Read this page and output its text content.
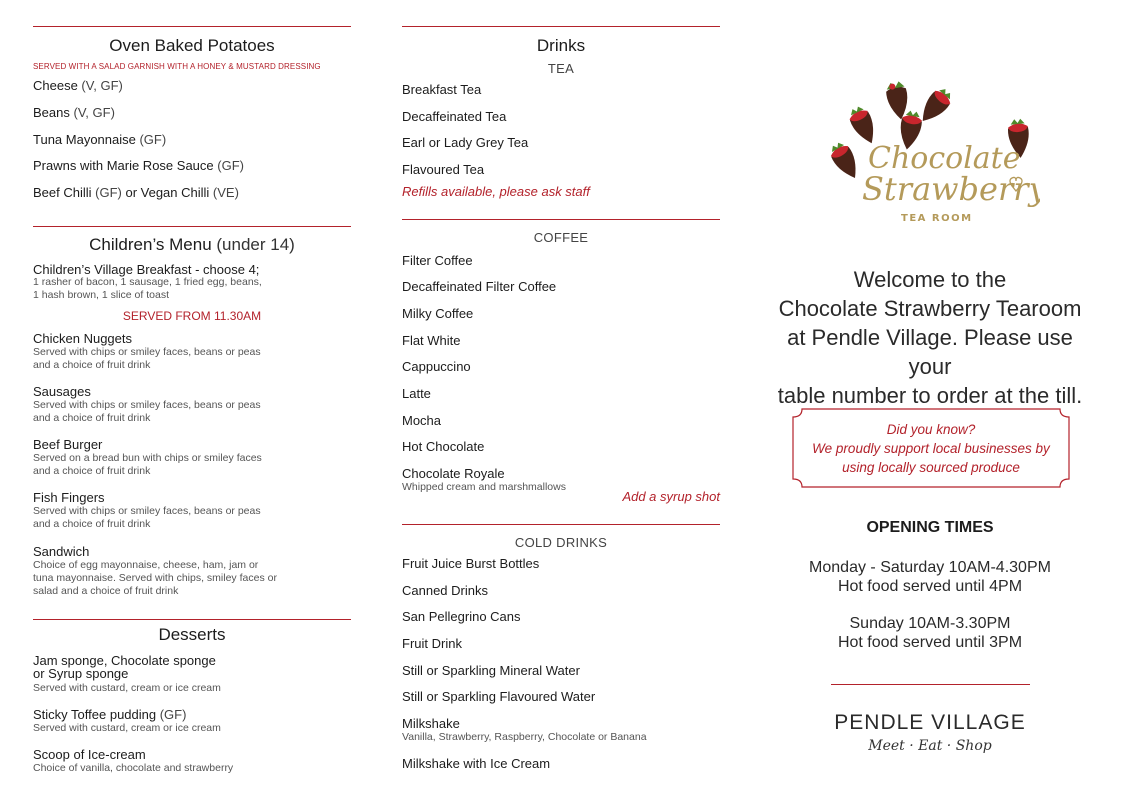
Oven Baked Potatoes
SERVED WITH A SALAD GARNISH WITH A HONEY & MUSTARD DRESSING
Cheese (V, GF)
Beans (V, GF)
Tuna Mayonnaise (GF)
Prawns with Marie Rose Sauce (GF)
Beef Chilli (GF) or Vegan Chilli (VE)
Children’s Menu (under 14)
Children’s Village Breakfast - choose 4;
1 rasher of bacon, 1 sausage, 1 fried egg, beans,
1 hash brown, 1 slice of toast
SERVED FROM 11.30AM
Chicken Nuggets
Served with chips or smiley faces, beans or peas
and a choice of fruit drink
Sausages
Served with chips or smiley faces, beans or peas
and a choice of fruit drink
Beef Burger
Served on a bread bun with chips or smiley faces
and a choice of fruit drink
Fish Fingers
Served with chips or smiley faces, beans or peas
and a choice of fruit drink
Sandwich
Choice of egg mayonnaise, cheese, ham, jam or
tuna mayonnaise. Served with chips, smiley faces or
salad and a choice of fruit drink
Desserts
Jam sponge, Chocolate sponge
or Syrup sponge
Served with custard, cream or ice cream
Sticky Toffee pudding (GF)
Served with custard, cream or ice cream
Scoop of Ice-cream
Choice of vanilla, chocolate and strawberry
Drinks
TEA
Breakfast Tea
Decaffeinated Tea
Earl or Lady Grey Tea
Flavoured Tea
Refills available, please ask staff
COFFEE
Filter Coffee
Decaffeinated Filter Coffee
Milky Coffee
Flat White
Cappuccino
Latte
Mocha
Hot Chocolate
Chocolate Royale
Whipped cream and marshmallows
Add a syrup shot
COLD DRINKS
Fruit Juice Burst Bottles
Canned Drinks
San Pellegrino Cans
Fruit Drink
Still or Sparkling Mineral Water
Still or Sparkling Flavoured Water
Milkshake
Vanilla, Strawberry, Raspberry, Chocolate or Banana
Milkshake with Ice Cream
Chocolate
Strawberry
TEA ROOM
Welcome to the
Chocolate Strawberry Tearoom
at Pendle Village. Please use your
table number to order at the till.
Did you know?
We proudly support local businesses by
using locally sourced produce
OPENING TIMES
Monday - Saturday 10AM-4.30PM
Hot food served until 4PM
Sunday 10AM-3.30PM
Hot food served until 3PM
PENDLE VILLAGE
Meet · Eat · Shop
